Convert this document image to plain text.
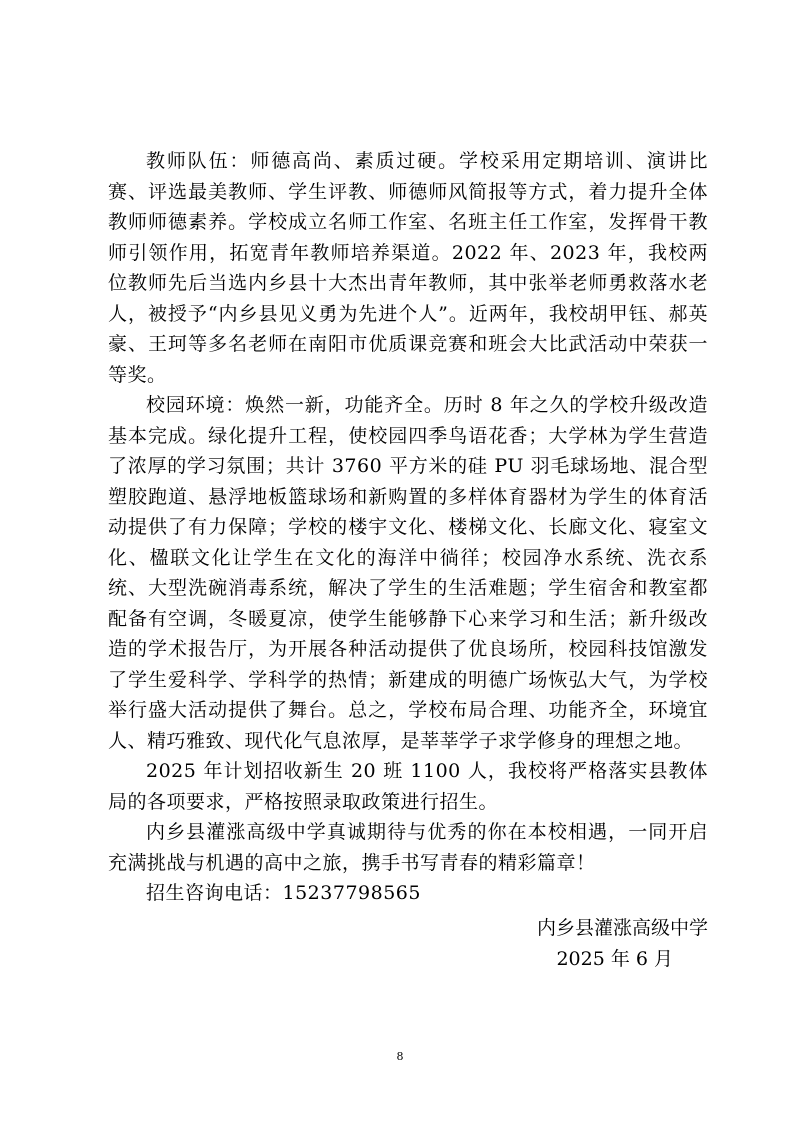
教师队伍：师德高尚、素质过硬。学校采用定期培训、演讲比赛、评选最美教师、学生评教、师德师风简报等方式，着力提升全体教师师德素养。学校成立名师工作室、名班主任工作室，发挥骨干教师引领作用，拓宽青年教师培养渠道。2022 年、2023 年，我校两位教师先后当选内乡县十大杰出青年教师，其中张举老师勇救落水老人，被授予“内乡县见义勇为先进个人”。近两年，我校胡甲钰、郝英豪、王珂等多名老师在南阳市优质课竞赛和班会大比武活动中荣获一等奖。

校园环境：焕然一新，功能齐全。历时 8 年之久的学校升级改造基本完成。绿化提升工程，使校园四季鸟语花香；大学林为学生营造了浓厚的学习氛围；共计 3760 平方米的硅 PU 羽毛球场地、混合型塑胶跑道、悬浮地板篮球场和新购置的多样体育器材为学生的体育活动提供了有力保障；学校的楼宇文化、楼梯文化、长廊文化、寝室文化、楹联文化让学生在文化的海洋中徜徉；校园净水系统、洗衣系统、大型洗碗消毒系统，解决了学生的生活难题；学生宿舍和教室都配备有空调，冬暖夏凉，使学生能够静下心来学习和生活；新升级改造的学术报告厅，为开展各种活动提供了优良场所，校园科技馆激发了学生爱科学、学科学的热情；新建成的明德广场恢弘大气，为学校举行盛大活动提供了舞台。总之，学校布局合理、功能齐全，环境宜人、精巧雅致、现代化气息浓厚，是莘莘学子求学修身的理想之地。

2025 年计划招收新生 20 班 1100 人，我校将严格落实县教体局的各项要求，严格按照录取政策进行招生。

内乡县灌涨高级中学真诚期待与优秀的你在本校相遇，一同开启充满挑战与机遇的高中之旅，携手书写青春的精彩篇章！

招生咨询电话：15237798565

内乡县灌涨高级中学
2025 年 6 月
8
